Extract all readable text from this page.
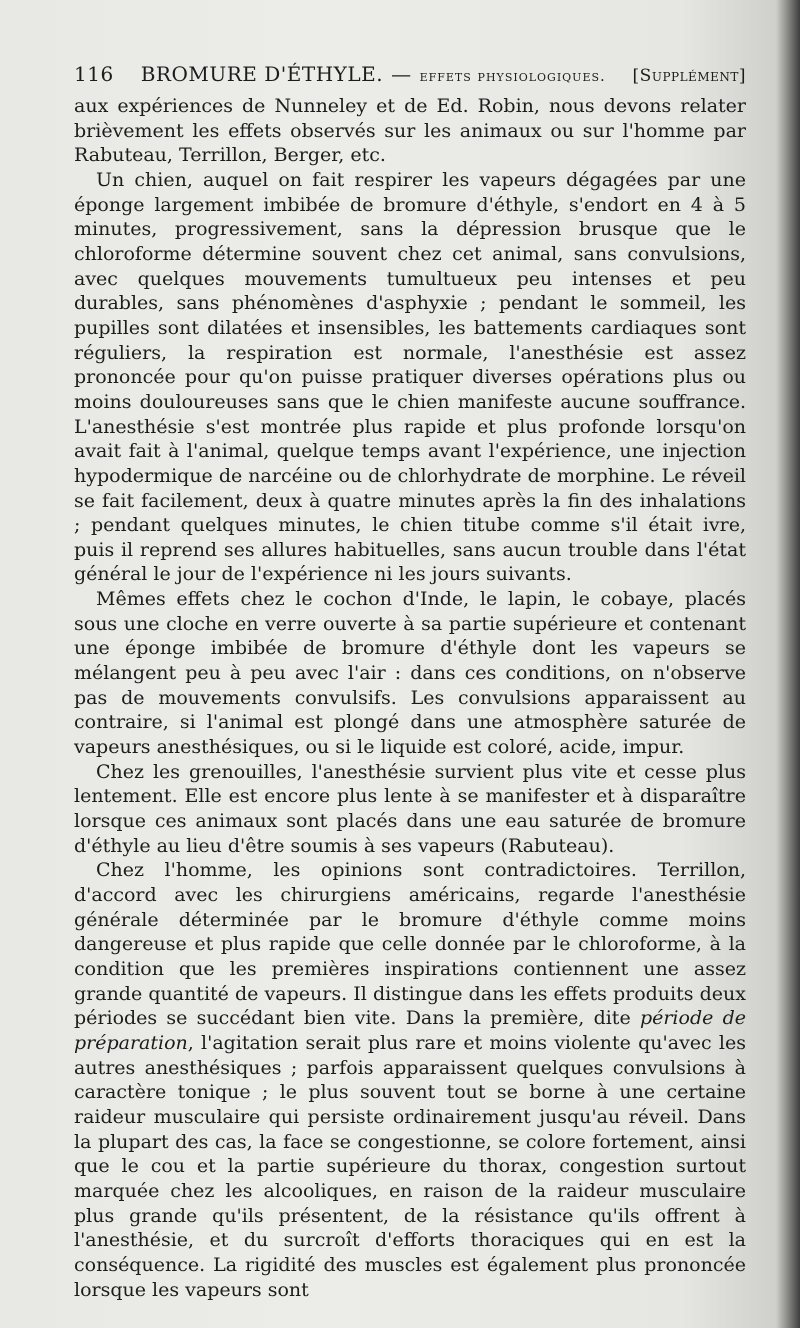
116	BROMURE D'ÉTHYLE. — effets physiologiques.	[Supplément]

aux expériences de Nunneley et de Ed. Robin, nous devons relater brièvement les effets observés sur les animaux ou sur l'homme par Rabuteau, Terrillon, Berger, etc.

Un chien, auquel on fait respirer les vapeurs dégagées par une éponge largement imbibée de bromure d'éthyle, s'endort en 4 à 5 minutes, progressivement, sans la dépression brusque que le chloroforme détermine souvent chez cet animal, sans convulsions, avec quelques mouvements tumultueux peu intenses et peu durables, sans phénomènes d'asphyxie ; pendant le sommeil, les pupilles sont dilatées et insensibles, les battements cardiaques sont réguliers, la respiration est normale, l'anesthésie est assez prononcée pour qu'on puisse pratiquer diverses opérations plus ou moins douloureuses sans que le chien manifeste aucune souffrance. L'anesthésie s'est montrée plus rapide et plus profonde lorsqu'on avait fait à l'animal, quelque temps avant l'expérience, une injection hypodermique de narcéine ou de chlorhydrate de morphine. Le réveil se fait facilement, deux à quatre minutes après la fin des inhalations ; pendant quelques minutes, le chien titube comme s'il était ivre, puis il reprend ses allures habituelles, sans aucun trouble dans l'état général le jour de l'expérience ni les jours suivants.

Mêmes effets chez le cochon d'Inde, le lapin, le cobaye, placés sous une cloche en verre ouverte à sa partie supérieure et contenant une éponge imbibée de bromure d'éthyle dont les vapeurs se mélangent peu à peu avec l'air : dans ces conditions, on n'observe pas de mouvements convulsifs. Les convulsions apparaissent au contraire, si l'animal est plongé dans une atmosphère saturée de vapeurs anesthésiques, ou si le liquide est coloré, acide, impur.

Chez les grenouilles, l'anesthésie survient plus vite et cesse plus lentement. Elle est encore plus lente à se manifester et à disparaître lorsque ces animaux sont placés dans une eau saturée de bromure d'éthyle au lieu d'être soumis à ses vapeurs (Rabuteau).

Chez l'homme, les opinions sont contradictoires. Terrillon, d'accord avec les chirurgiens américains, regarde l'anesthésie générale déterminée par le bromure d'éthyle comme moins dangereuse et plus rapide que celle donnée par le chloroforme, à la condition que les premières inspirations contiennent une assez grande quantité de vapeurs. Il distingue dans les effets produits deux périodes se succédant bien vite. Dans la première, dite période de préparation, l'agitation serait plus rare et moins violente qu'avec les autres anesthésiques ; parfois apparaissent quelques convulsions à caractère tonique ; le plus souvent tout se borne à une certaine raideur musculaire qui persiste ordinairement jusqu'au réveil. Dans la plupart des cas, la face se congestionne, se colore fortement, ainsi que le cou et la partie supérieure du thorax, congestion surtout marquée chez les alcooliques, en raison de la raideur musculaire plus grande qu'ils présentent, de la résistance qu'ils offrent à l'anesthésie, et du surcroît d'efforts thoraciques qui en est la conséquence. La rigidité des muscles est également plus prononcée lorsque les vapeurs sont
